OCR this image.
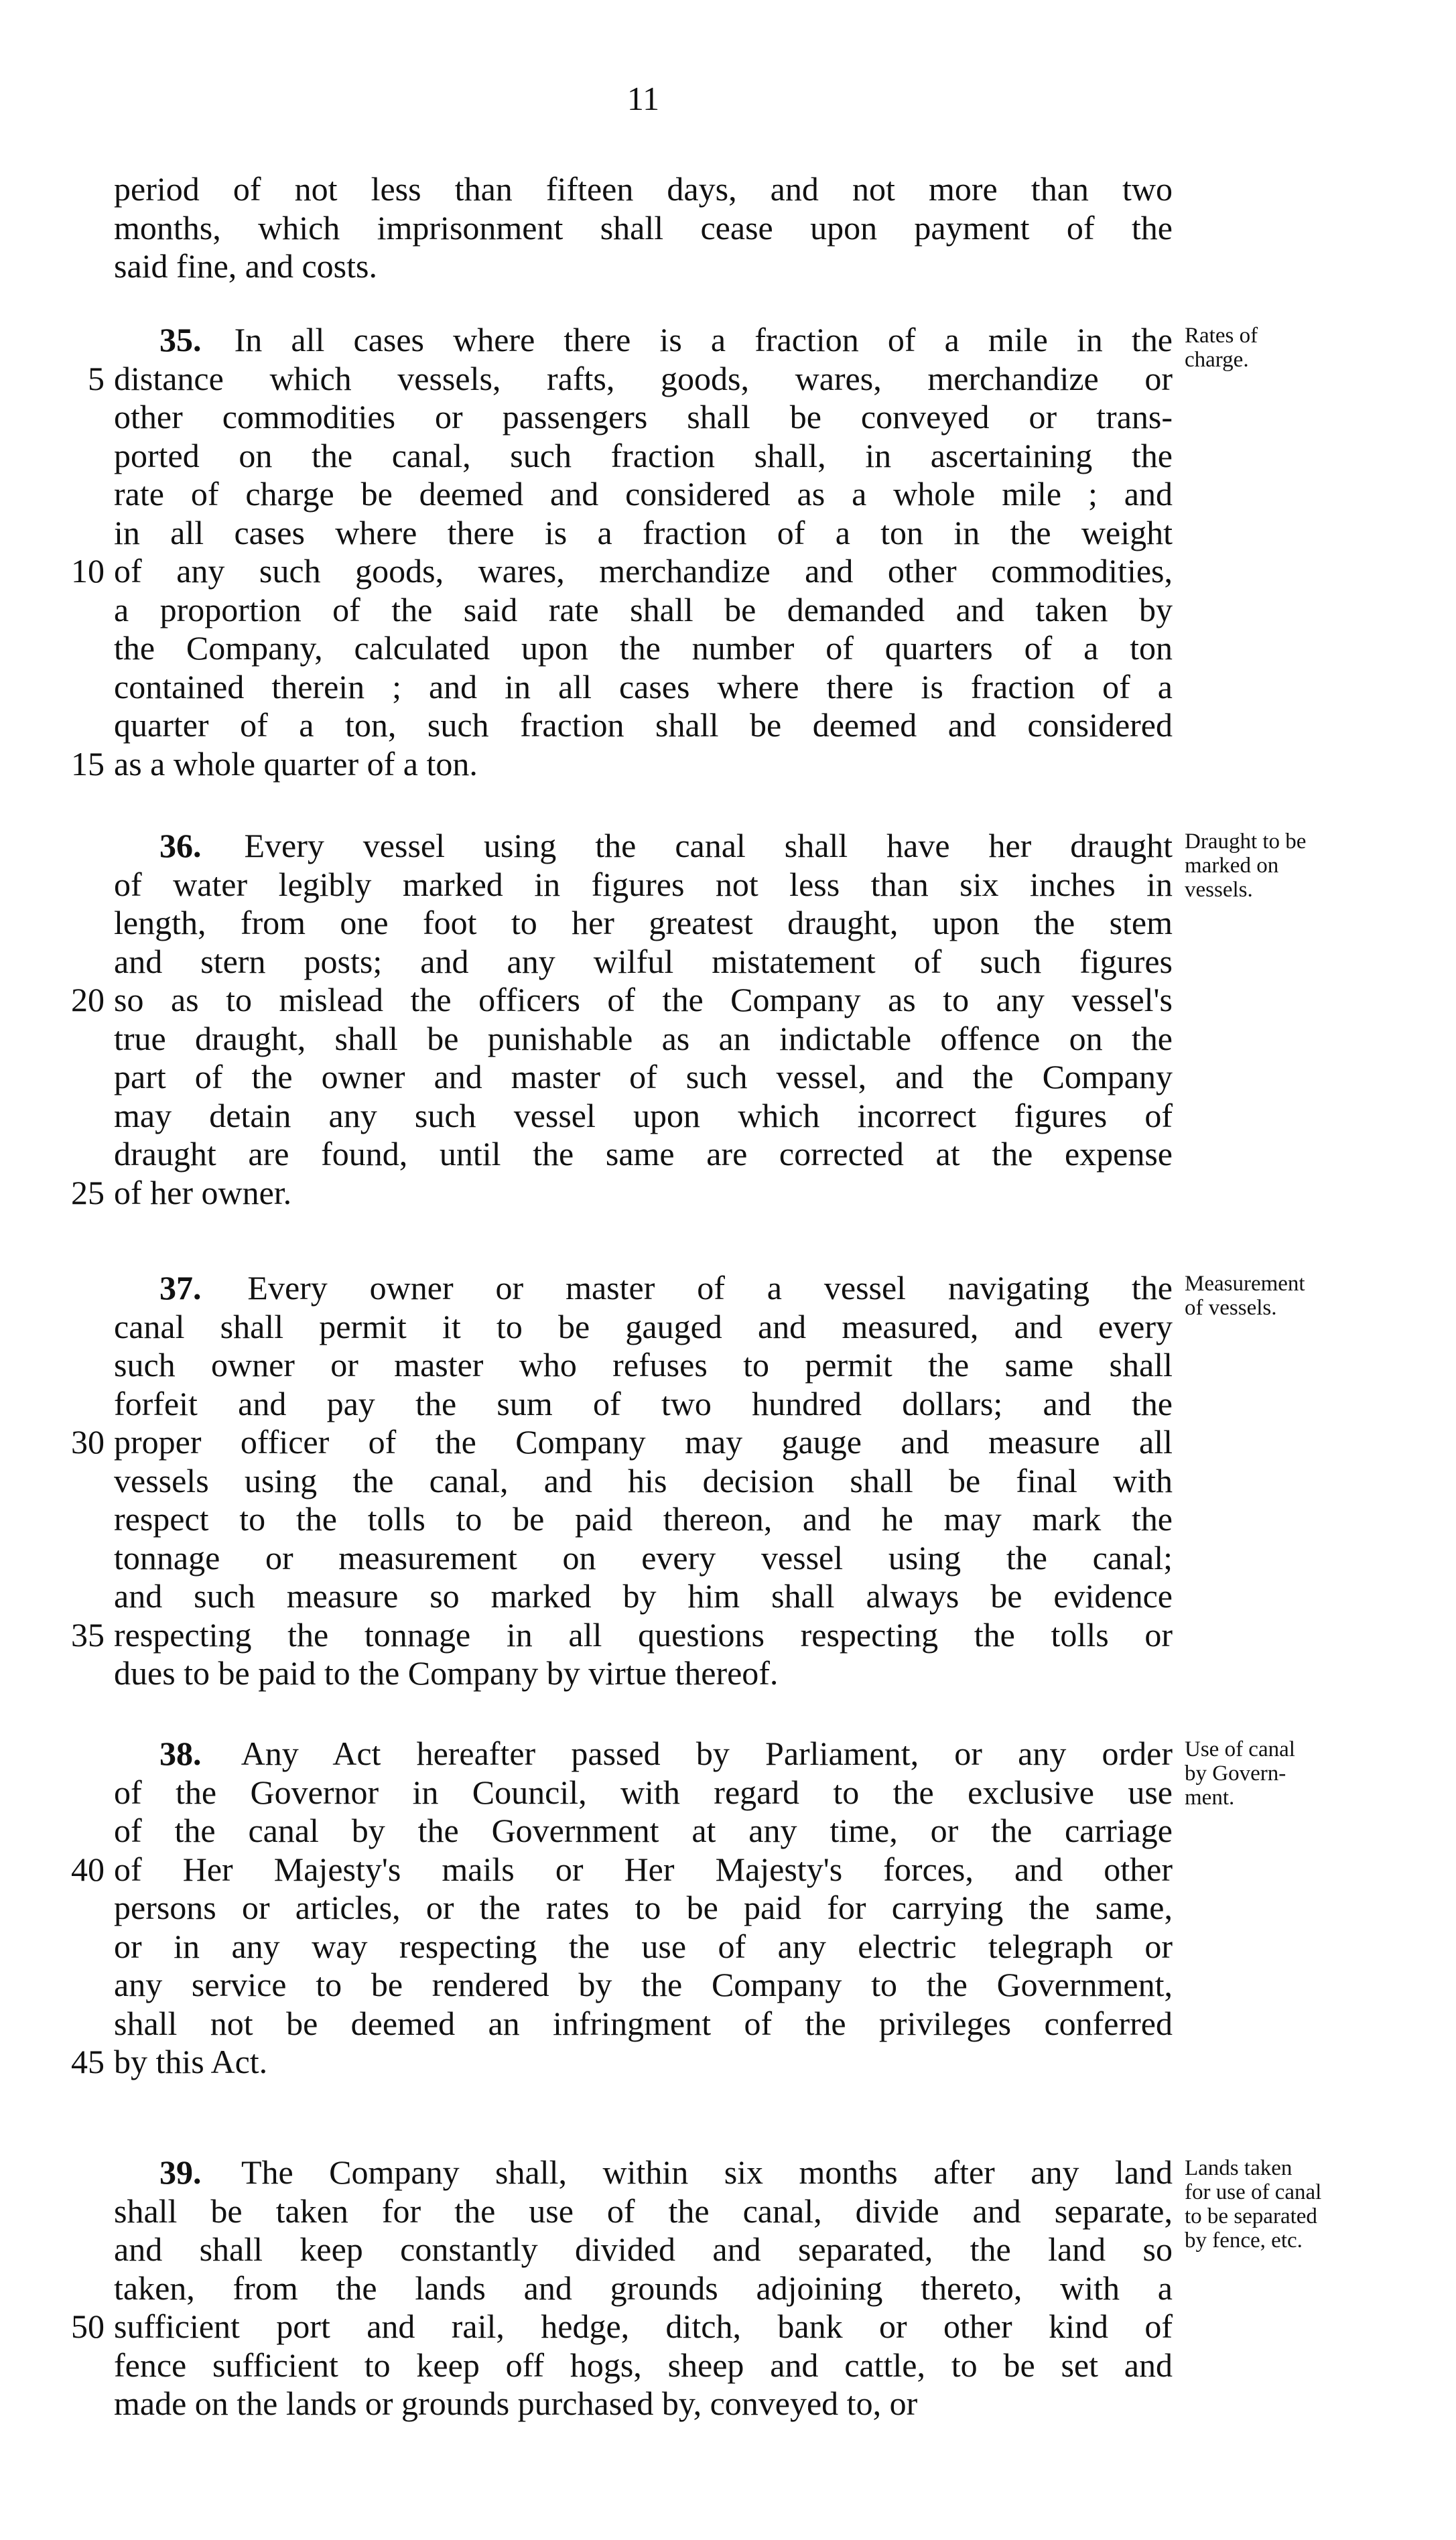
11
period of not less than fifteen days, and not more than two
months, which imprisonment shall cease upon payment of the
said fine, and costs.
35. In all cases where there is a fraction of a mile in the
5 distance which vessels, rafts, goods, wares, merchandize or
other commodities or passengers shall be conveyed or trans-
ported on the canal, such fraction shall, in ascertaining the
rate of charge be deemed and considered as a whole mile ; and
in all cases where there is a fraction of a ton in the weight
10 of any such goods, wares, merchandize and other commodities,
a proportion of the said rate shall be demanded and taken by
the Company, calculated upon the number of quarters of a ton
contained therein ; and in all cases where there is fraction of a
quarter of a ton, such fraction shall be deemed and considered
15 as a whole quarter of a ton.
Rates of
charge.
36. Every vessel using the canal shall have her draught
of water legibly marked in figures not less than six inches in
length, from one foot to her greatest draught, upon the stem
and stern posts; and any wilful mistatement of such figures
20 so as to mislead the officers of the Company as to any vessel's
true draught, shall be punishable as an indictable offence on the
part of the owner and master of such vessel, and the Company
may detain any such vessel upon which incorrect figures of
draught are found, until the same are corrected at the expense
25 of her owner.
Draught to be
marked on
vessels.
37. Every owner or master of a vessel navigating the
canal shall permit it to be gauged and measured, and every
such owner or master who refuses to permit the same shall
forfeit and pay the sum of two hundred dollars; and the
30 proper officer of the Company may gauge and measure all
vessels using the canal, and his decision shall be final with
respect to the tolls to be paid thereon, and he may mark the
tonnage or measurement on every vessel using the canal;
and such measure so marked by him shall always be evidence
35 respecting the tonnage in all questions respecting the tolls or
dues to be paid to the Company by virtue thereof.
Measurement
of vessels.
38. Any Act hereafter passed by Parliament, or any order
of the Governor in Council, with regard to the exclusive use
of the canal by the Government at any time, or the carriage
40 of Her Majesty's mails or Her Majesty's forces, and other
persons or articles, or the rates to be paid for carrying the same,
or in any way respecting the use of any electric telegraph or
any service to be rendered by the Company to the Government,
shall not be deemed an infringment of the privileges conferred
45 by this Act.
Use of canal
by Govern-
ment.
39. The Company shall, within six months after any land
shall be taken for the use of the canal, divide and separate,
and shall keep constantly divided and separated, the land so
taken, from the lands and grounds adjoining thereto, with a
50 sufficient port and rail, hedge, ditch, bank or other kind of
fence sufficient to keep off hogs, sheep and cattle, to be set and
made on the lands or grounds purchased by, conveyed to, or
Lands taken
for use of canal
to be separated
by fence, etc.
